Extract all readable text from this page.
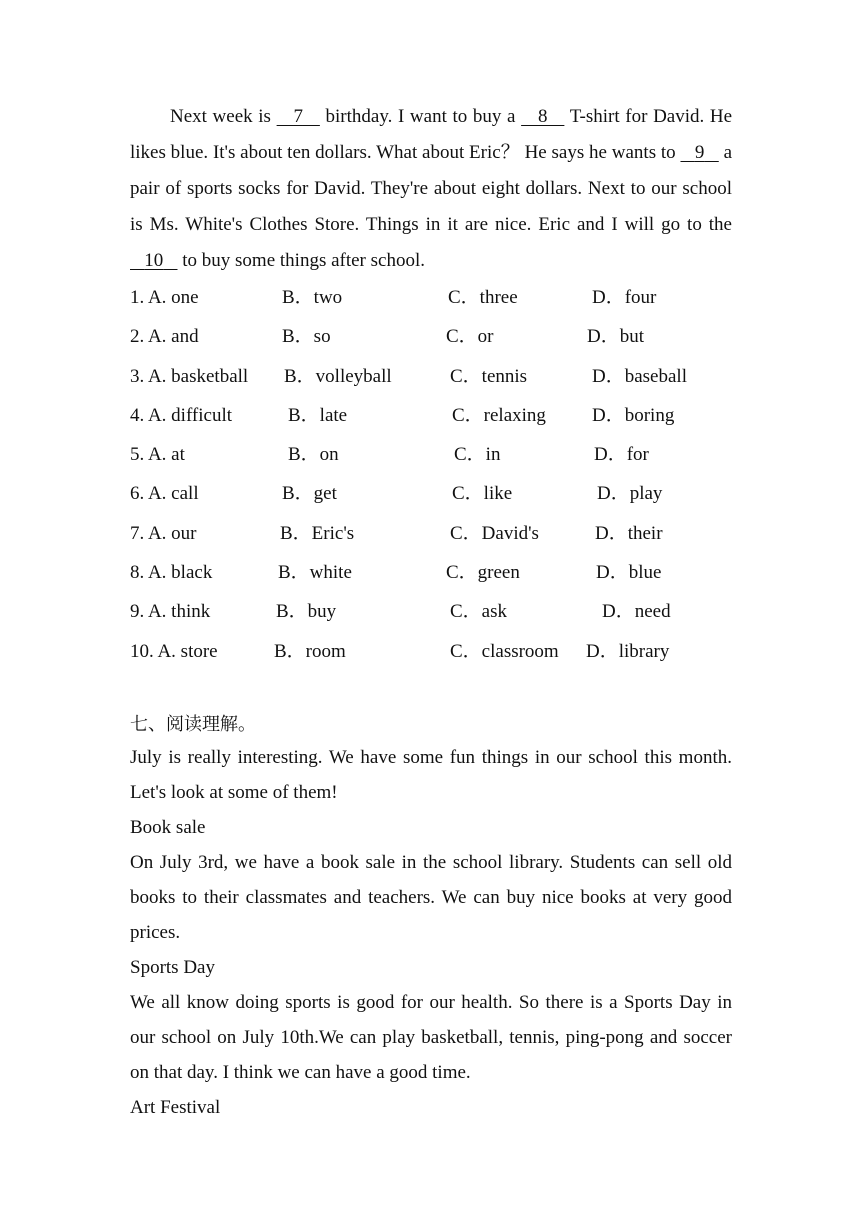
Next week is 7 birthday. I want to buy a 8 T-shirt for David. He likes blue. It's about ten dollars. What about Eric？ He says he wants to 9 a pair of sports socks for David. They're about eight dollars. Next to our school is Ms. White's Clothes Store. Things in it are nice. Eric and I will go to the    10 to buy some things after school.

1. A. one	B．two	C．three	D．four
2. A. and	B．so	C．or	D．but
3. A. basketball B．volleyball	C．tennis	D．baseball
4. A. difficult	B．late	C．relaxing D．boring
5. A. at	B．on	C．in	D．for
6. A. call	B．get	C．like	D．play
7. A. our	B．Eric's	C．David's	D．their
8. A. black	B．white	C．green	D．blue
9. A. think	B．buy	C．ask	D．need
10. A. store	B．room	C．classroom D．library
七、阅读理解。

July is really interesting. We have some fun things in our school this month. Let's look at some of them!

Book sale

On July 3rd, we have a book sale in the school library. Students can sell old books to their classmates and teachers. We can buy nice books at very good prices.

Sports Day

We all know doing sports is good for our health. So there is a Sports Day in our school on July 10th.We can play basketball, tennis, ping-pong and soccer on that day. I think we can have a good time.

Art Festival
